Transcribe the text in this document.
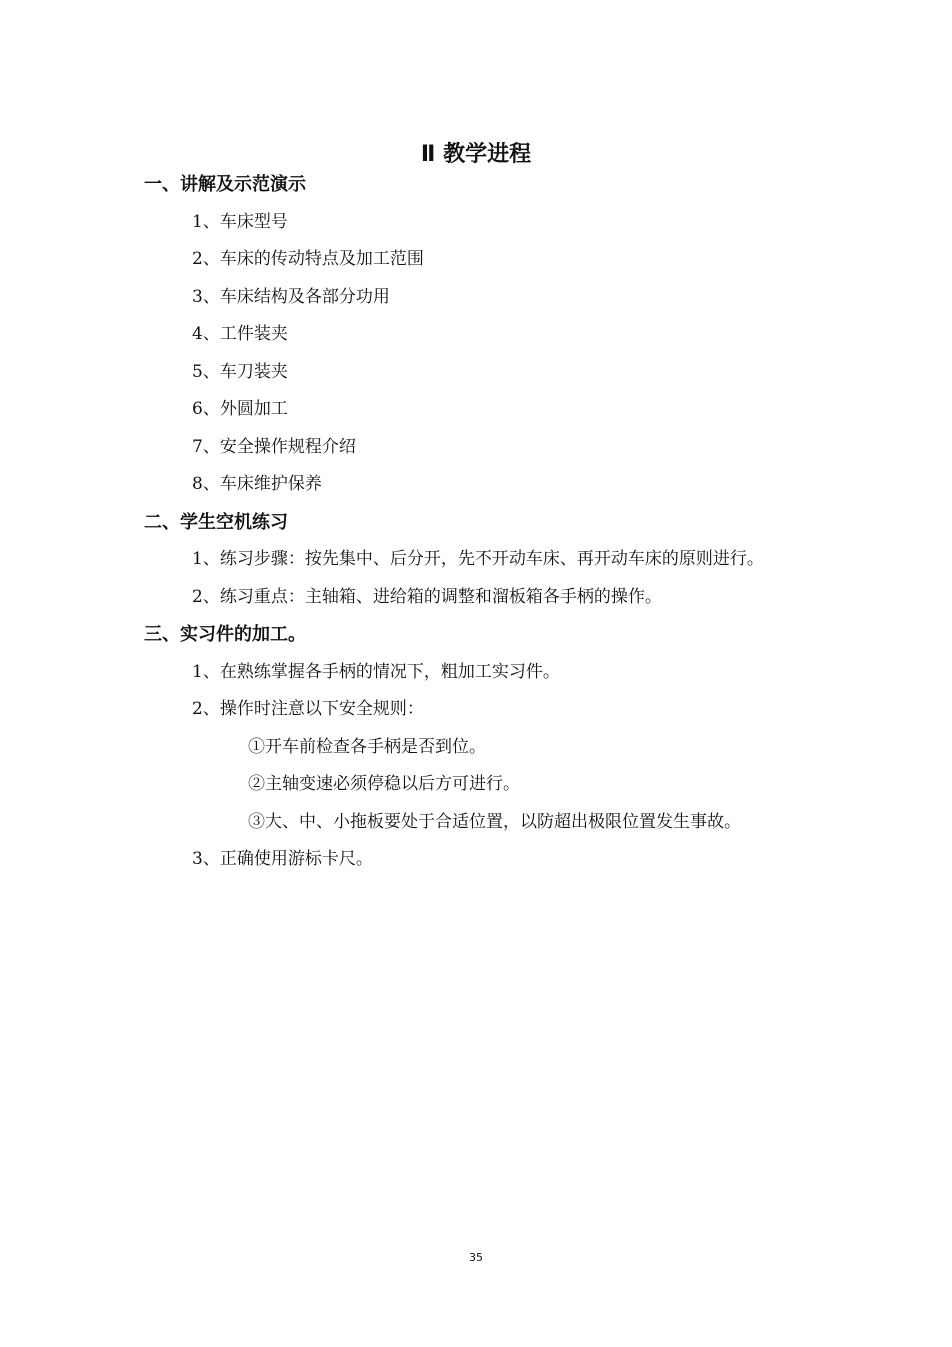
Ⅱ 教学进程
一、讲解及示范演示
1、车床型号
2、车床的传动特点及加工范围
3、车床结构及各部分功用
4、工件装夹
5、车刀装夹
6、外圆加工
7、安全操作规程介绍
8、车床维护保养
二、学生空机练习
1、练习步骤：按先集中、后分开，先不开动车床、再开动车床的原则进行。
2、练习重点：主轴箱、进给箱的调整和溜板箱各手柄的操作。
三、实习件的加工。
1、在熟练掌握各手柄的情况下，粗加工实习件。
2、操作时注意以下安全规则：
①开车前检查各手柄是否到位。
②主轴变速必须停稳以后方可进行。
③大、中、小拖板要处于合适位置，以防超出极限位置发生事故。
3、正确使用游标卡尺。
35
